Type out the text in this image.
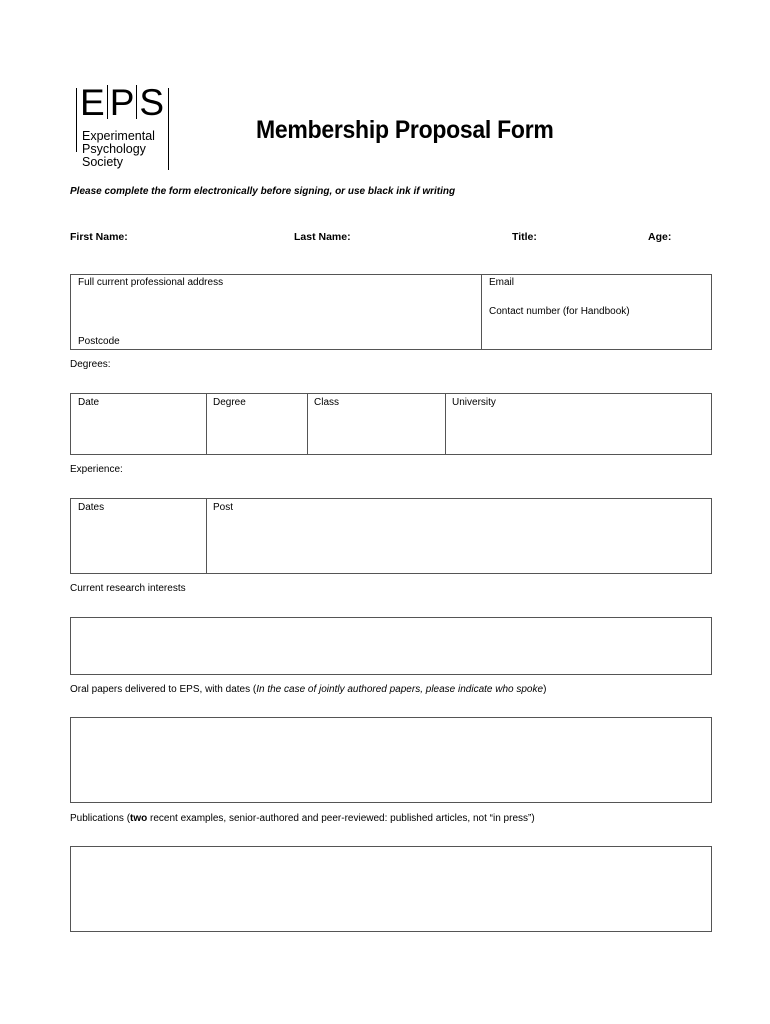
E P S
Experimental
Psychology
Society
Membership Proposal Form
Please complete the form electronically before signing, or use black ink if writing
First Name:	Last Name:	Title:	Age:
Full current professional address
Postcode
Email
Contact number (for Handbook)
Degrees:
Date	Degree	Class	University
Experience:
Dates	Post
Current research interests
Oral papers delivered to EPS, with dates (In the case of jointly authored papers, please indicate who spoke)
Publications (two recent examples, senior-authored and peer-reviewed: published articles, not “in press”)
